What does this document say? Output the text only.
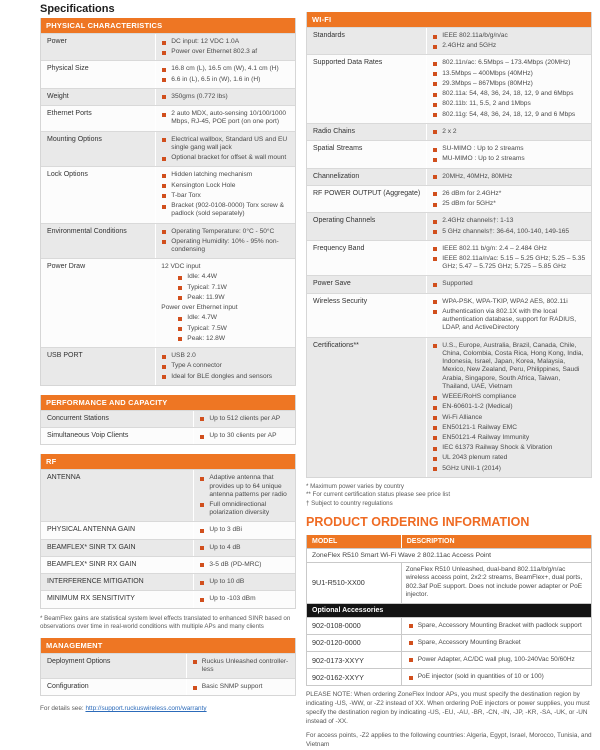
Specifications
PHYSICAL CHARACTERISTICS
Power	DC input: 12 VDC 1.0A
Power over Ethernet 802.3 af
Physical Size	16.8 cm (L), 16.5 cm (W), 4.1 cm (H)
6.6 in (L), 6.5 in (W), 1.6 in (H)
Weight	350gms (0.772 lbs)
Ethernet Ports	2 auto MDX, auto-sensing 10/100/1000 Mbps, RJ-45, POE port (on one port)
Mounting Options	Electrical wallbox, Standard US and EU single gang wall jack
Optional bracket for offset & wall mount
Lock Options	Hidden latching mechanism
Kensington Lock Hole
T-bar Torx
Bracket (902-0108-0000) Torx screw & padlock (sold separately)
Environmental Conditions	Operating Temperature: 0°C - 50°C
Operating Humidity: 10% - 95% non-condensing
Power Draw	12 VDC input
Idle: 4.4W
Typical: 7.1W
Peak: 11.9W
Power over Ethernet input
Idle: 4.7W
Typical: 7.5W
Peak: 12.8W
USB PORT	USB 2.0
Type A connector
Ideal for BLE dongles and sensors
PERFORMANCE AND CAPACITY
Concurrent Stations	Up to 512 clients per AP
Simultaneous Voip Clients	Up to 30 clients per AP
RF
ANTENNA	Adaptive antenna that provides up to 64 unique antenna patterns per radio
Full omnidirectional polarization diversity
PHYSICAL ANTENNA GAIN	Up to 3 dBi
BEAMFLEX* SINR TX GAIN	Up to 4 dB
BEAMFLEX* SINR RX GAIN	3-5 dB (PD-MRC)
INTERFERENCE MITIGATION	Up to 10 dB
MINIMUM RX SENSITIVITY	Up to -103 dBm

* BeamFlex gains are statistical system level effects translated to enhanced SINR based on observations over time in real-world conditions with multiple APs and many clients

MANAGEMENT
Deployment Options	Ruckus Unleashed controller-less
Configuration	Basic SNMP support

For details see: http://support.ruckuswireless.com/warranty

WI-FI
Standards	IEEE 802.11a/b/g/n/ac
2.4GHz and 5GHz
Supported Data Rates	802.11n/ac: 6.5Mbps – 173.4Mbps (20MHz)
13.5Mbps – 400Mbps (40MHz)
29.3Mbps – 867Mbps (80MHz)
802.11a: 54, 48, 36, 24, 18, 12, 9 and 6Mbps
802.11b: 11, 5.5, 2 and 1Mbps
802.11g: 54, 48, 36, 24, 18, 12, 9 and 6 Mbps
Radio Chains	2 x 2
Spatial Streams	SU-MIMO : Up to 2 streams
MU-MIMO : Up to 2 streams
Channelization	20MHz, 40MHz, 80MHz
RF POWER OUTPUT (Aggregate)	26 dBm for 2.4GHz*
25 dBm for 5GHz*
Operating Channels	2.4GHz channels†: 1-13
5 GHz channels†: 36-64, 100-140, 149-165
Frequency Band	IEEE 802.11 b/g/n: 2.4 – 2.484 GHz
IEEE 802.11a/n/ac: 5.15 – 5.25 GHz; 5.25 – 5.35 GHz; 5.47 – 5.725 GHz; 5.725 – 5.85 GHz
Power Save	Supported
Wireless Security	WPA-PSK, WPA-TKIP, WPA2 AES, 802.11i
Authentication via 802.1X with the local authentication database, support for RADIUS, LDAP, and ActiveDirectory
Certifications**	U.S., Europe, Australia, Brazil, Canada, Chile, China, Colombia, Costa Rica, Hong Kong, India, Indonesia, Israel, Japan, Korea, Malaysia, Mexico, New Zealand, Peru, Philippines, Saudi Arabia, Singapore, South Africa, Taiwan, Thailand, UAE, Vietnam
WEEE/RoHS compliance
EN-60601-1-2 (Medical)
Wi-Fi Alliance
EN50121-1 Railway EMC
EN50121-4 Railway Immunity
IEC 61373 Railway Shock & Vibration
UL 2043 plenum rated
5GHz UNII-1 (2014)
* Maximum power varies by country
** For current certification status please see price list
† Subject to country regulations
PRODUCT ORDERING INFORMATION
MODEL	DESCRIPTION
ZoneFlex R510 Smart Wi-Fi Wave 2 802.11ac Access Point
9U1-R510-XX00
ZoneFlex R510 Unleashed, dual-band 802.11a/b/g/n/ac wireless access point, 2x2:2 streams, BeamFlex+, dual ports, 802.3af PoE support. Does not include power adapter or PoE injector.
Optional Accessories
902-0108-0000	Spare, Accessory Mounting Bracket with padlock support
902-0120-0000	Spare, Accessory Mounting Bracket
902-0173-XXYY	Power Adapter, AC/DC wall plug, 100-240Vac 50/60Hz
902-0162-XXYY	PoE injector (sold in quantities of 10 or 100)

PLEASE NOTE: When ordering ZoneFlex Indoor APs, you must specify the destination region by indicating -US, -WW, or -Z2 instead of XX. When ordering PoE injectors or power supplies, you must specify the destination region by indicating -US, -EU, -AU, -BR, -CN, -IN, -JP, -KR, -SA, -UK, or -UN instead of -XX.

For access points, -Z2 applies to the following countries: Algeria, Egypt, Israel, Morocco, Tunisia, and Vietnam
